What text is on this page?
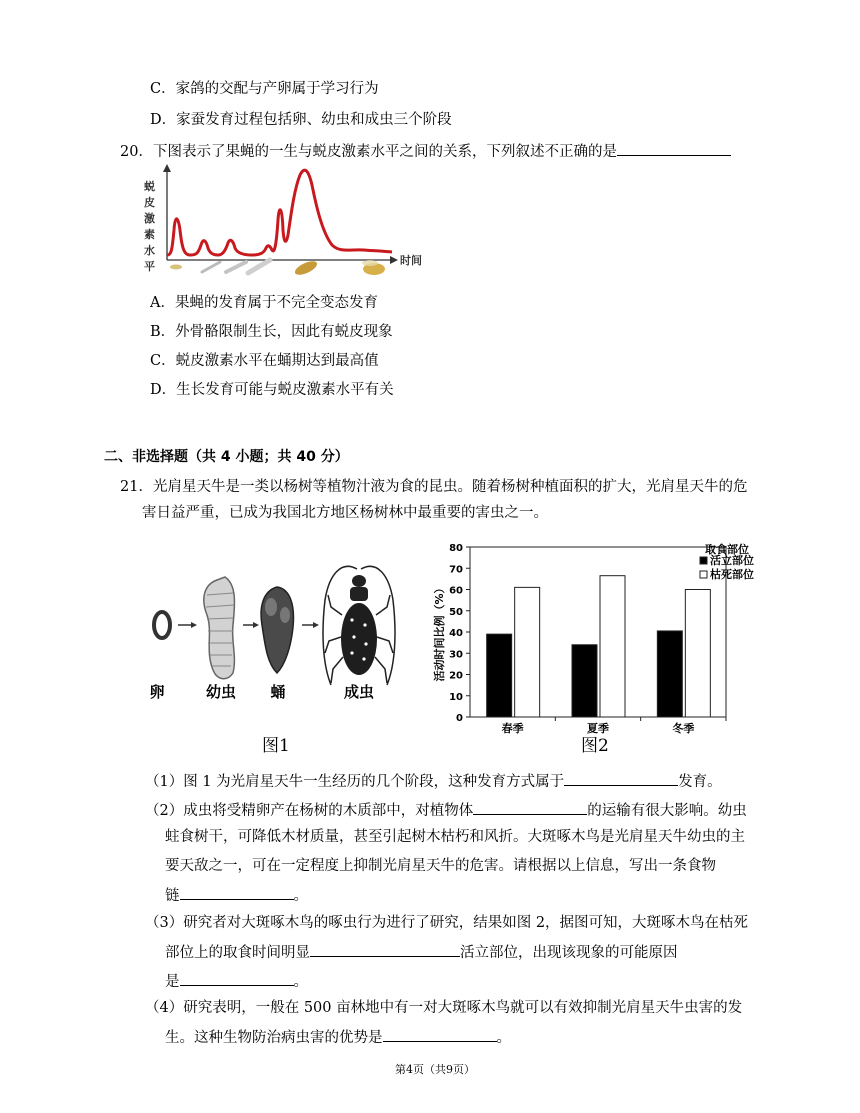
C．家鸽的交配与产卵属于学习行为
D．家蚕发育过程包括卵、幼虫和成虫三个阶段
20．下图表示了果蝇的一生与蜕皮激素水平之间的关系，下列叙述不正确的是
蜕
皮
激
素
水
平	时间
A．果蝇的发育属于不完全变态发育
B．外骨骼限制生长，因此有蜕皮现象
C．蜕皮激素水平在蛹期达到最高值
D．生长发育可能与蜕皮激素水平有关
二、非选择题（共 4 小题；共 40 分）
21．光肩星天牛是一类以杨树等植物汁液为食的昆虫。随着杨树种植面积的扩大，光肩星天牛的危
害日益严重，已成为我国北方地区杨树林中最重要的害虫之一。
卵	幼虫 蛹	成虫
图1
0
10
20
30
40
50
60
70
80
活动时间比例（%）
春季	夏季	冬季
取食部位
活立部位
枯死部位
图2
（1）图 1 为光肩星天牛一生经历的几个阶段，这种发育方式属于	发育。
（2）成虫将受精卵产在杨树的木质部中，对植物体	的运输有很大影响。幼虫
蛀食树干，可降低木材质量，甚至引起树木枯朽和风折。大斑啄木鸟是光肩星天牛幼虫的主
要天敌之一，可在一定程度上抑制光肩星天牛的危害。请根据以上信息，写出一条食物
链	。
（3）研究者对大斑啄木鸟的啄虫行为进行了研究，结果如图 2，据图可知，大斑啄木鸟在枯死
部位上的取食时间明显	活立部位，出现该现象的可能原因
是	。
（4）研究表明，一般在 500 亩林地中有一对大斑啄木鸟就可以有效抑制光肩星天牛虫害的发
生。这种生物防治病虫害的优势是	。
第4页（共9页）
